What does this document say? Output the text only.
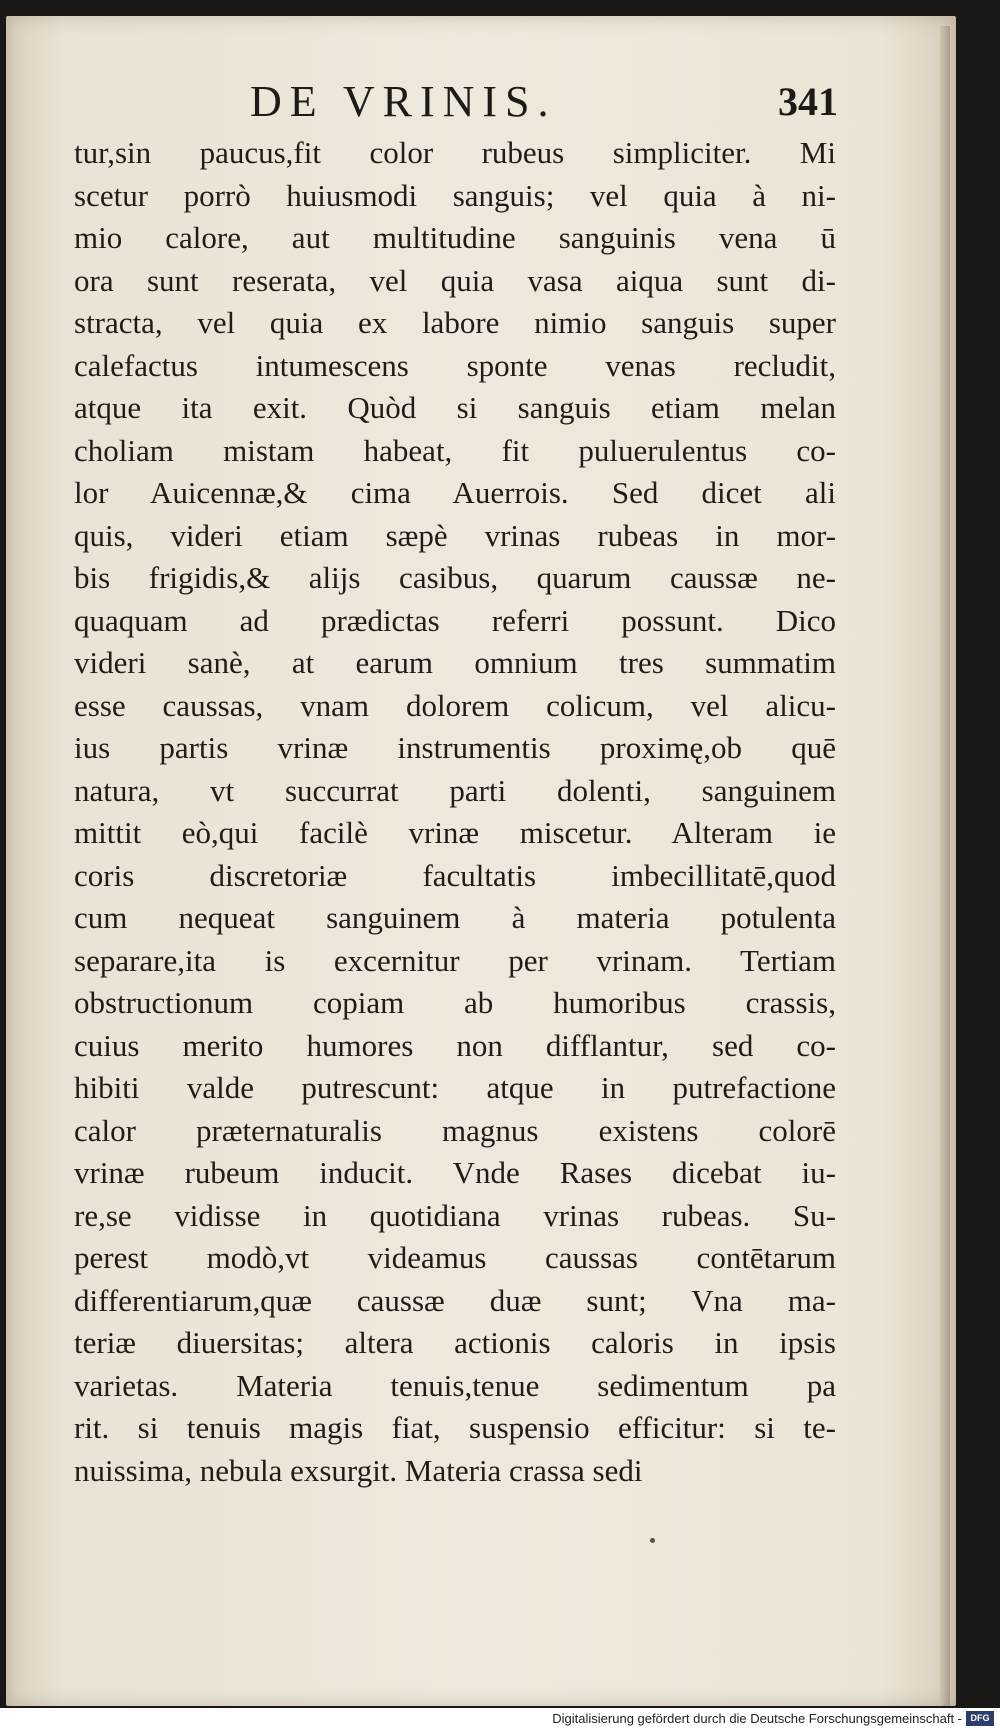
DE VRINIS.	341
tur,sin paucus,fit color rubeus simpliciter. Mi
scetur porrò huiusmodi sanguis; vel quia à ni-
mio calore, aut multitudine sanguinis vena ū
ora sunt reserata, vel quia vasa aiqua sunt di-
stracta, vel quia ex labore nimio sanguis super
calefactus intumescens sponte venas recludit,
atque ita exit. Quòd si sanguis etiam melan
choliam mistam habeat, fit puluerulentus co-
lor Auicennæ,& cima Auerrois. Sed dicet ali
quis, videri etiam sæpè vrinas rubeas in mor-
bis frigidis,& alijs casibus, quarum caussæ ne-
quaquam ad prædictas referri possunt. Dico
videri sanè, at earum omnium tres summatim
esse caussas, vnam dolorem colicum, vel alicu-
ius partis vrinæ instrumentis proximę,ob quē
natura, vt succurrat parti dolenti, sanguinem
mittit eò,qui facilè vrinæ miscetur. Alteram ie
coris discretoriæ facultatis imbecillitatē,quod
cum nequeat sanguinem à materia potulenta
separare,ita is excernitur per vrinam. Tertiam
obstructionum copiam ab humoribus crassis,
cuius merito humores non difflantur, sed co-
hibiti valde putrescunt: atque in putrefactione
calor præternaturalis magnus existens colorē
vrinæ rubeum inducit. Vnde Rases dicebat iu-
re,se vidisse in quotidiana vrinas rubeas. Su-
perest modò,vt videamus caussas contētarum
differentiarum,quæ caussæ duæ sunt; Vna ma-
teriæ diuersitas; altera actionis caloris in ipsis
varietas. Materia tenuis,tenue sedimentum pa
rit. si tenuis magis fiat, suspensio efficitur: si te-
nuissima, nebula exsurgit. Materia crassa sedi
Digitalisierung gefördert durch die Deutsche Forschungsgemeinschaft - DFG
